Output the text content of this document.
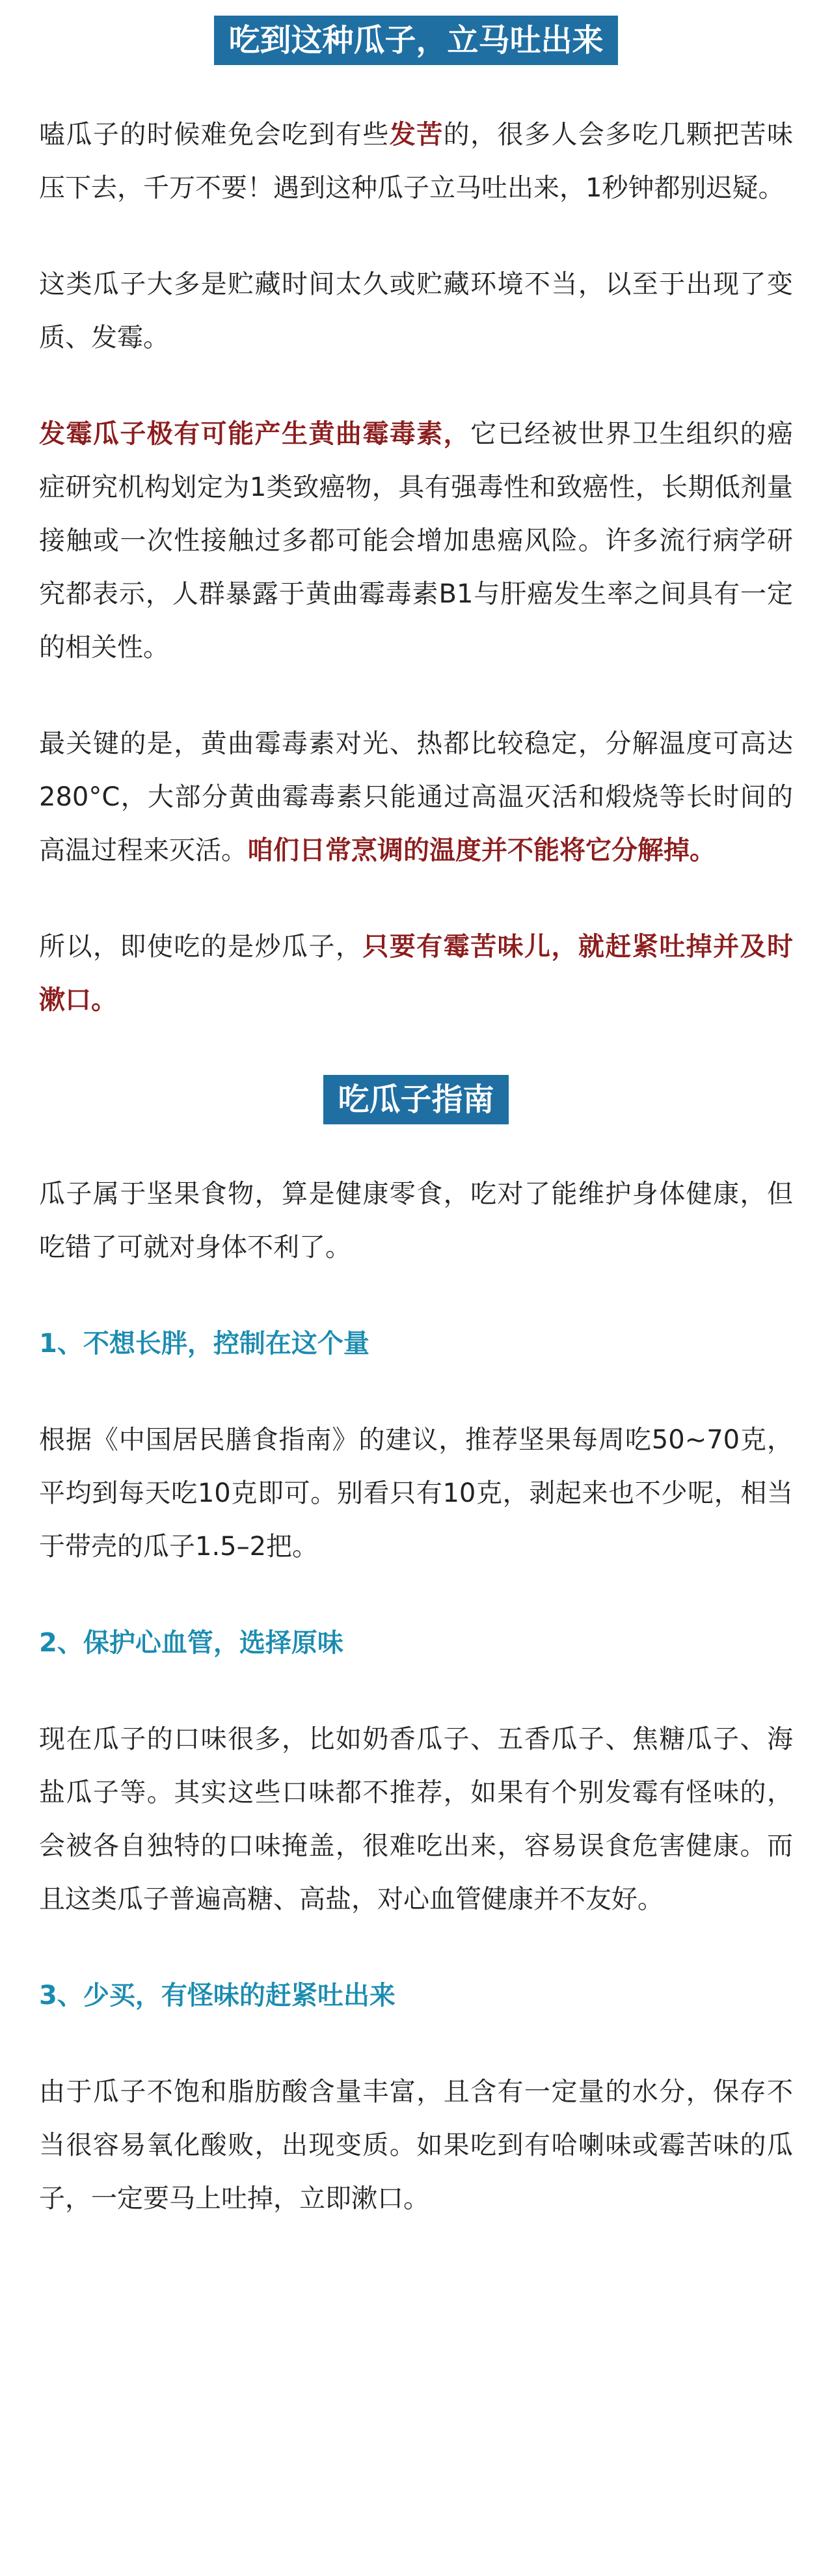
吃到这种瓜子，立马吐出来

嗑瓜子的时候难免会吃到有些发苦的，很多人会多吃几颗把苦味压下去，千万不要！遇到这种瓜子立马吐出来，1秒钟都别迟疑。

这类瓜子大多是贮藏时间太久或贮藏环境不当，以至于出现了变质、发霉。

发霉瓜子极有可能产生黄曲霉毒素，它已经被世界卫生组织的癌症研究机构划定为1类致癌物，具有强毒性和致癌性，长期低剂量接触或一次性接触过多都可能会增加患癌风险。许多流行病学研究都表示，人群暴露于黄曲霉毒素B1与肝癌发生率之间具有一定的相关性。

最关键的是，黄曲霉毒素对光、热都比较稳定，分解温度可高达280°C，大部分黄曲霉毒素只能通过高温灭活和煅烧等长时间的高温过程来灭活。咱们日常烹调的温度并不能将它分解掉。

所以，即使吃的是炒瓜子，只要有霉苦味儿，就赶紧吐掉并及时漱口。

吃瓜子指南

瓜子属于坚果食物，算是健康零食，吃对了能维护身体健康，但吃错了可就对身体不利了。

1、不想长胖，控制在这个量

根据《中国居民膳食指南》的建议，推荐坚果每周吃50~70克，平均到每天吃10克即可。别看只有10克，剥起来也不少呢，相当于带壳的瓜子1.5–2把。

2、保护心血管，选择原味

现在瓜子的口味很多，比如奶香瓜子、五香瓜子、焦糖瓜子、海盐瓜子等。其实这些口味都不推荐，如果有个别发霉有怪味的，会被各自独特的口味掩盖，很难吃出来，容易误食危害健康。而且这类瓜子普遍高糖、高盐，对心血管健康并不友好。

3、少买，有怪味的赶紧吐出来

由于瓜子不饱和脂肪酸含量丰富，且含有一定量的水分，保存不当很容易氧化酸败，出现变质。如果吃到有哈喇味或霉苦味的瓜子，一定要马上吐掉，立即漱口。
